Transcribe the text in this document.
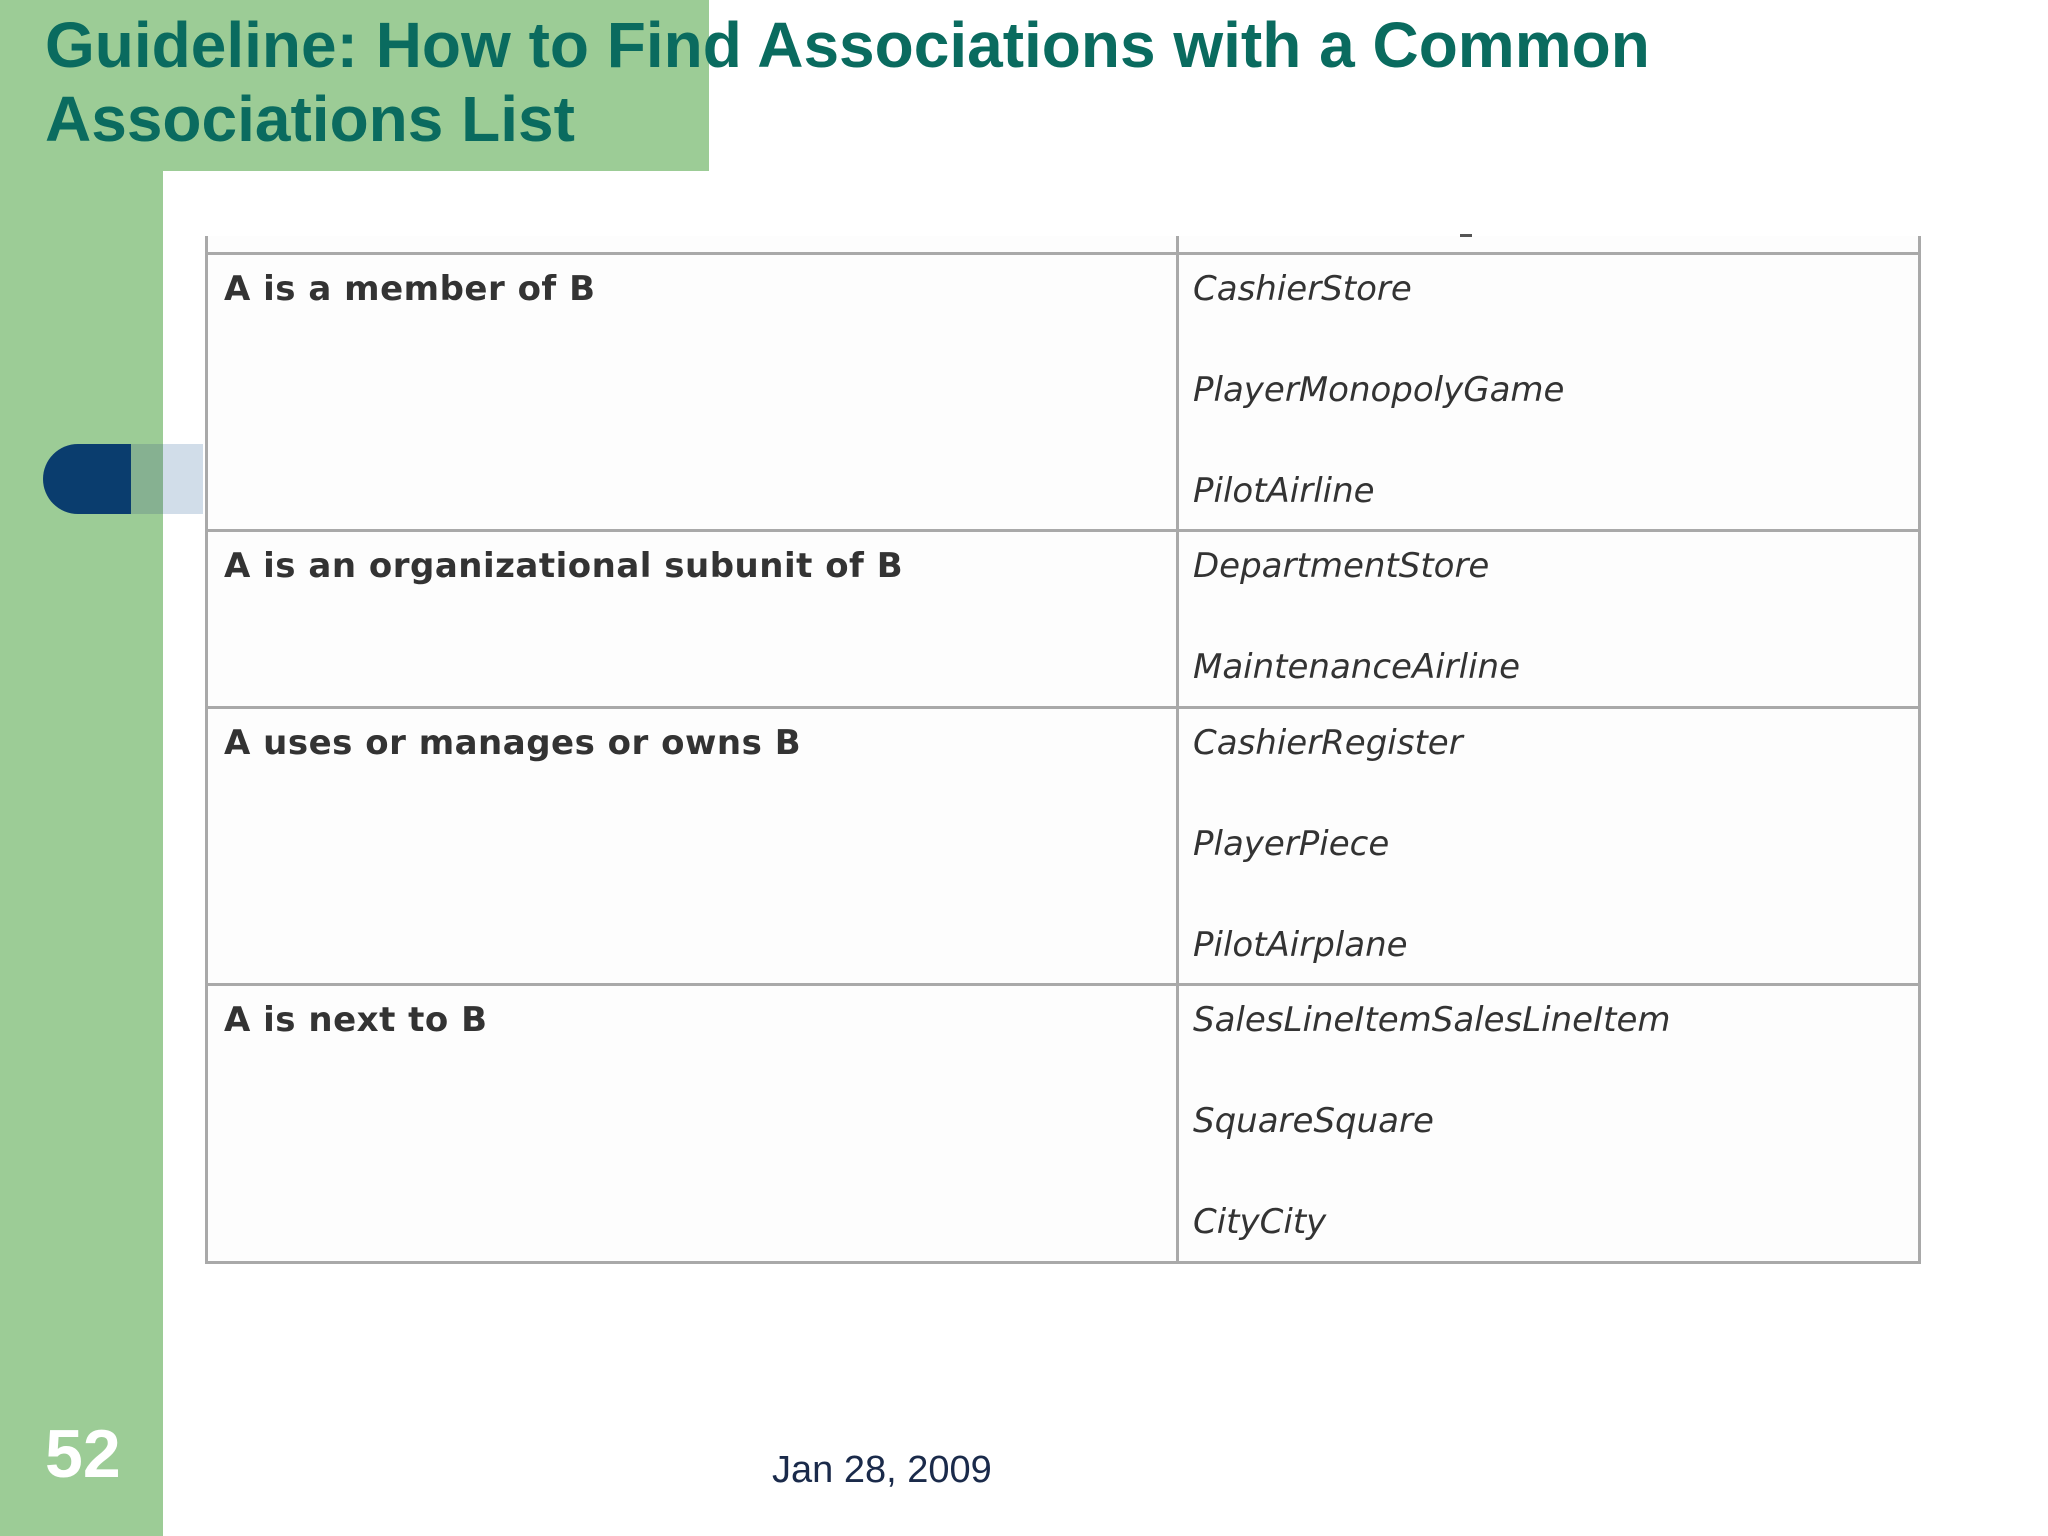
Guideline: How to Find Associations with a Common Associations List
A is a member of B	CashierStore
PlayerMonopolyGame
PilotAirline
A is an organizational subunit of B	DepartmentStore
MaintenanceAirline
A uses or manages or owns B	CashierRegister
PlayerPiece
PilotAirplane
A is next to B	SalesLineItemSalesLineItem
SquareSquare
CityCity
52	Jan 28, 2009
